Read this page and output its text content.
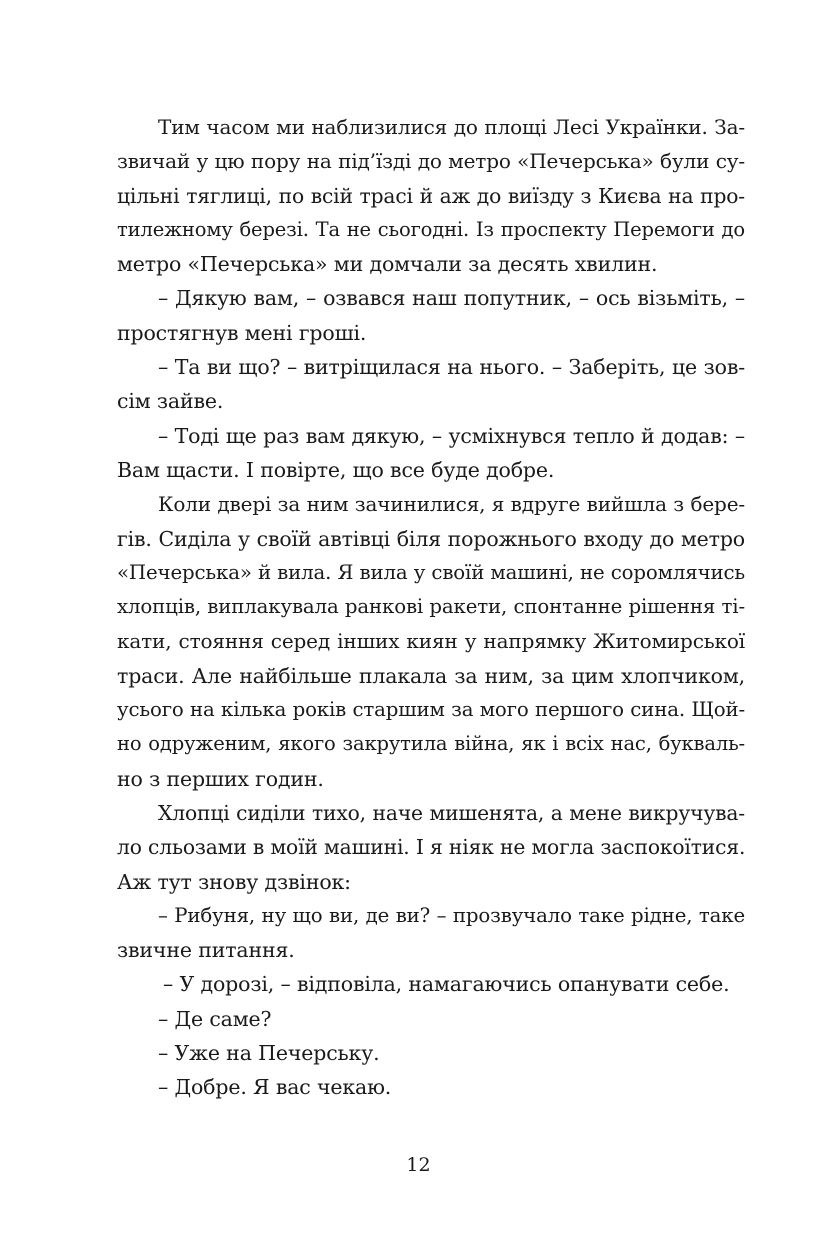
Тим часом ми наблизилися до площі Лесі Українки. За-
звичай у цю пору на під’їзді до метро «Печерська» були су-
цільні тяглиці, по всій трасі й аж до виїзду з Києва на про-
тилежному березі. Та не сьогодні. Із проспекту Перемоги до
метро «Печерська» ми домчали за десять хвилин.
– Дякую вам, – озвався наш попутник, – ось візьміть, –
простягнув мені гроші.
– Та ви що? – витріщилася на нього. – Заберіть, це зов-
сім зайве.
– Тоді ще раз вам дякую, – усміхнувся тепло й додав: –
Вам щасти. І повірте, що все буде добре.
Коли двері за ним зачинилися, я вдруге вийшла з бере-
гів. Сиділа у своїй автівці біля порожнього входу до метро
«Печерська» й вила. Я вила у своїй машині, не соромлячись
хлопців, виплакувала ранкові ракети, спонтанне рішення ті-
кати, стояння серед інших киян у напрямку Житомирської
траси. Але найбільше плакала за ним, за цим хлопчиком,
усього на кілька років старшим за мого першого сина. Щой-
но одруженим, якого закрутила війна, як і всіх нас, букваль-
но з перших годин.
Хлопці сиділи тихо, наче мишенята, а мене викручува-
ло сльозами в моїй машині. І я ніяк не могла заспокоїтися.
Аж тут знову дзвінок:
– Рибуня, ну що ви, де ви? – прозвучало таке рідне, таке
звичне питання.
– У дорозі, – відповіла, намагаючись опанувати себе.
– Де саме?
– Уже на Печерську.
– Добре. Я вас чекаю.
12
